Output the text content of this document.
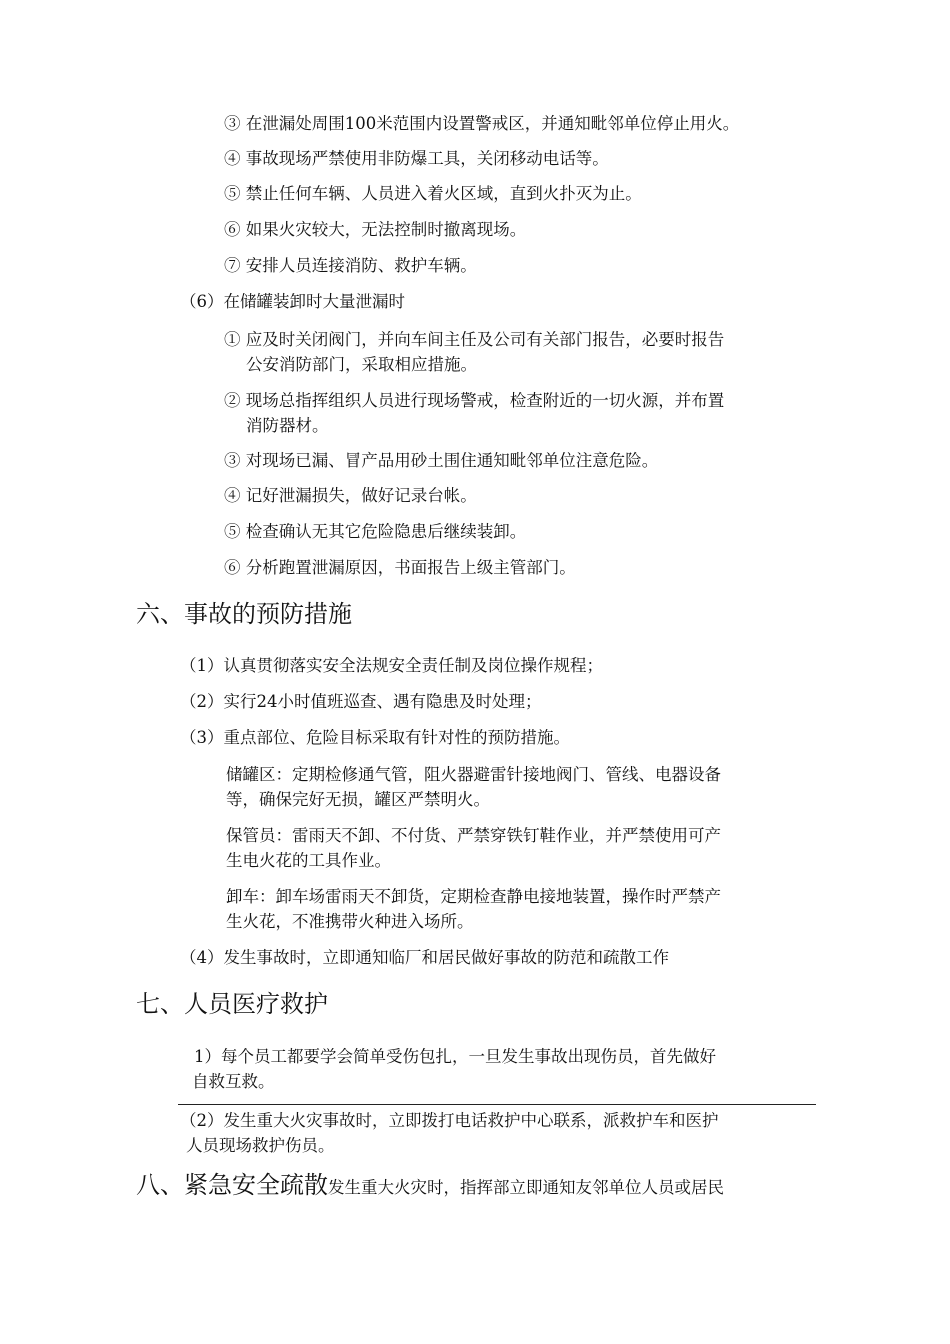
③ 在泄漏处周围100米范围内设置警戒区，并通知毗邻单位停止用火。
④ 事故现场严禁使用非防爆工具，关闭移动电话等。
⑤ 禁止任何车辆、人员进入着火区域，直到火扑灭为止。
⑥ 如果火灾较大，无法控制时撤离现场。
⑦ 安排人员连接消防、救护车辆。
（6）在储罐装卸时大量泄漏时
① 应及时关闭阀门，并向车间主任及公司有关部门报告，必要时报告
公安消防部门，采取相应措施。
② 现场总指挥组织人员进行现场警戒，检查附近的一切火源，并布置
消防器材。
③ 对现场已漏、冒产品用砂土围住通知毗邻单位注意危险。
④ 记好泄漏损失，做好记录台帐。
⑤ 检查确认无其它危险隐患后继续装卸。
⑥ 分析跑置泄漏原因，书面报告上级主管部门。
六、事故的预防措施
（1）认真贯彻落实安全法规安全责任制及岗位操作规程；
（2）实行24小时值班巡查、遇有隐患及时处理；
（3）重点部位、危险目标采取有针对性的预防措施。
储罐区：定期检修通气管，阻火器避雷针接地阀门、管线、电器设备
等，确保完好无损，罐区严禁明火。
保管员：雷雨天不卸、不付货、严禁穿铁钉鞋作业，并严禁使用可产
生电火花的工具作业。
卸车：卸车场雷雨天不卸货，定期检查静电接地装置，操作时严禁产
生火花，不准携带火种进入场所。
（4）发生事故时，立即通知临厂和居民做好事故的防范和疏散工作
七、人员医疗救护
1）每个员工都要学会简单受伤包扎，一旦发生事故出现伤员，首先做好
自救互救。
（2）发生重大火灾事故时，立即拨打电话救护中心联系，派救护车和医护
人员现场救护伤员。
八、紧急安全疏散发生重大火灾时，指挥部立即通知友邻单位人员或居民
